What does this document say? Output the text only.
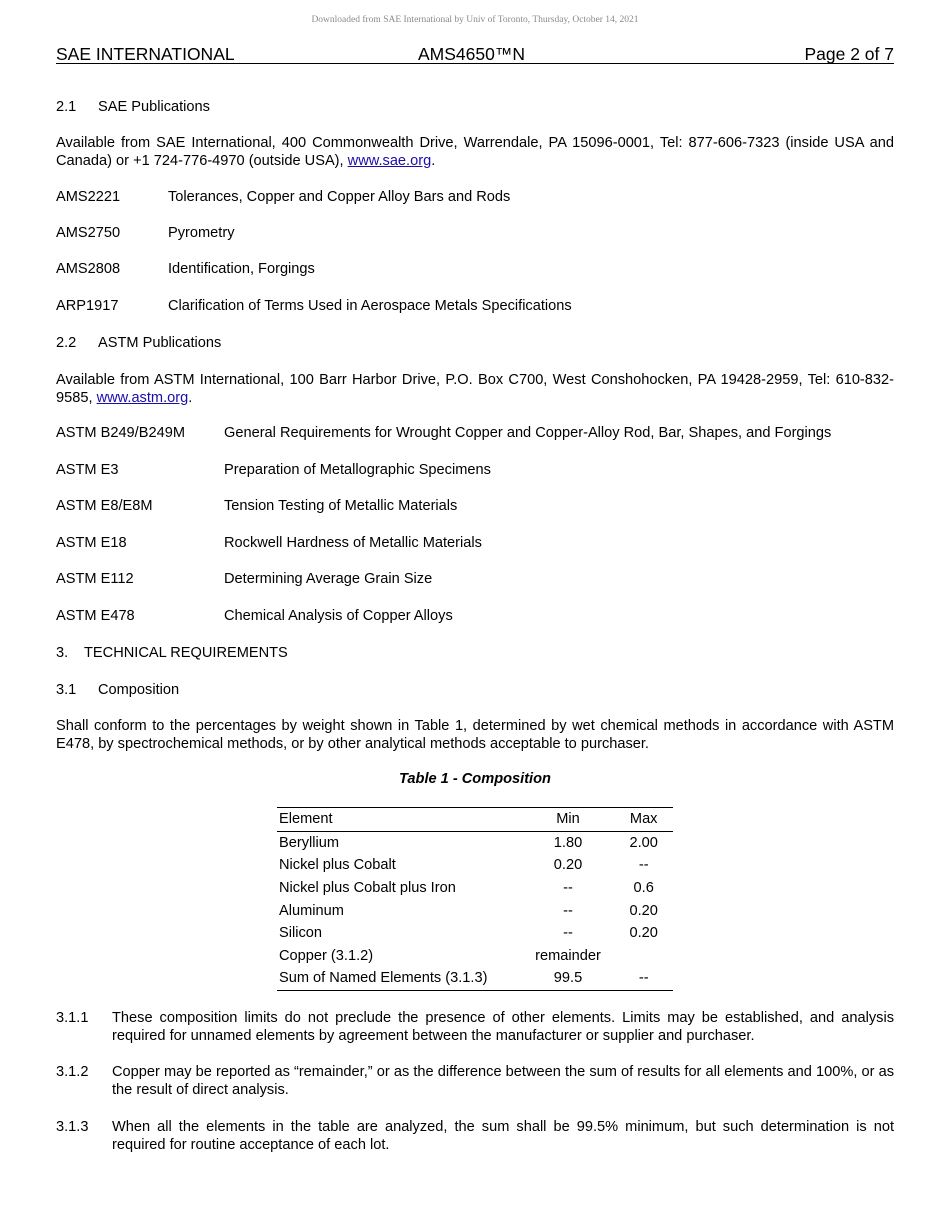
Downloaded from SAE International by Univ of Toronto, Thursday, October 14, 2021
SAE INTERNATIONAL	AMS4650™N	Page 2 of 7
2.1 SAE Publications
Available from SAE International, 400 Commonwealth Drive, Warrendale, PA 15096-0001, Tel: 877-606-7323 (inside USA and Canada) or +1 724-776-4970 (outside USA), www.sae.org.
AMS2221	Tolerances, Copper and Copper Alloy Bars and Rods
AMS2750	Pyrometry
AMS2808	Identification, Forgings
ARP1917	Clarification of Terms Used in Aerospace Metals Specifications
2.2 ASTM Publications
Available from ASTM International, 100 Barr Harbor Drive, P.O. Box C700, West Conshohocken, PA 19428-2959, Tel: 610-832-9585, www.astm.org.
ASTM B249/B249M	General Requirements for Wrought Copper and Copper-Alloy Rod, Bar, Shapes, and Forgings
ASTM E3	Preparation of Metallographic Specimens
ASTM E8/E8M	Tension Testing of Metallic Materials
ASTM E18	Rockwell Hardness of Metallic Materials
ASTM E112	Determining Average Grain Size
ASTM E478	Chemical Analysis of Copper Alloys
3. TECHNICAL REQUIREMENTS
3.1 Composition
Shall conform to the percentages by weight shown in Table 1, determined by wet chemical methods in accordance with ASTM E478, by spectrochemical methods, or by other analytical methods acceptable to purchaser.
Table 1 - Composition
Element	Min	Max
Beryllium	1.80	2.00
Nickel plus Cobalt	0.20	--
Nickel plus Cobalt plus Iron	--	0.6
Aluminum	--	0.20
Silicon	--	0.20
Copper (3.1.2)	remainder	
Sum of Named Elements (3.1.3)	99.5	--
3.1.1 These composition limits do not preclude the presence of other elements. Limits may be established, and analysis required for unnamed elements by agreement between the manufacturer or supplier and purchaser.
3.1.2 Copper may be reported as “remainder,” or as the difference between the sum of results for all elements and 100%, or as the result of direct analysis.
3.1.3 When all the elements in the table are analyzed, the sum shall be 99.5% minimum, but such determination is not required for routine acceptance of each lot.
